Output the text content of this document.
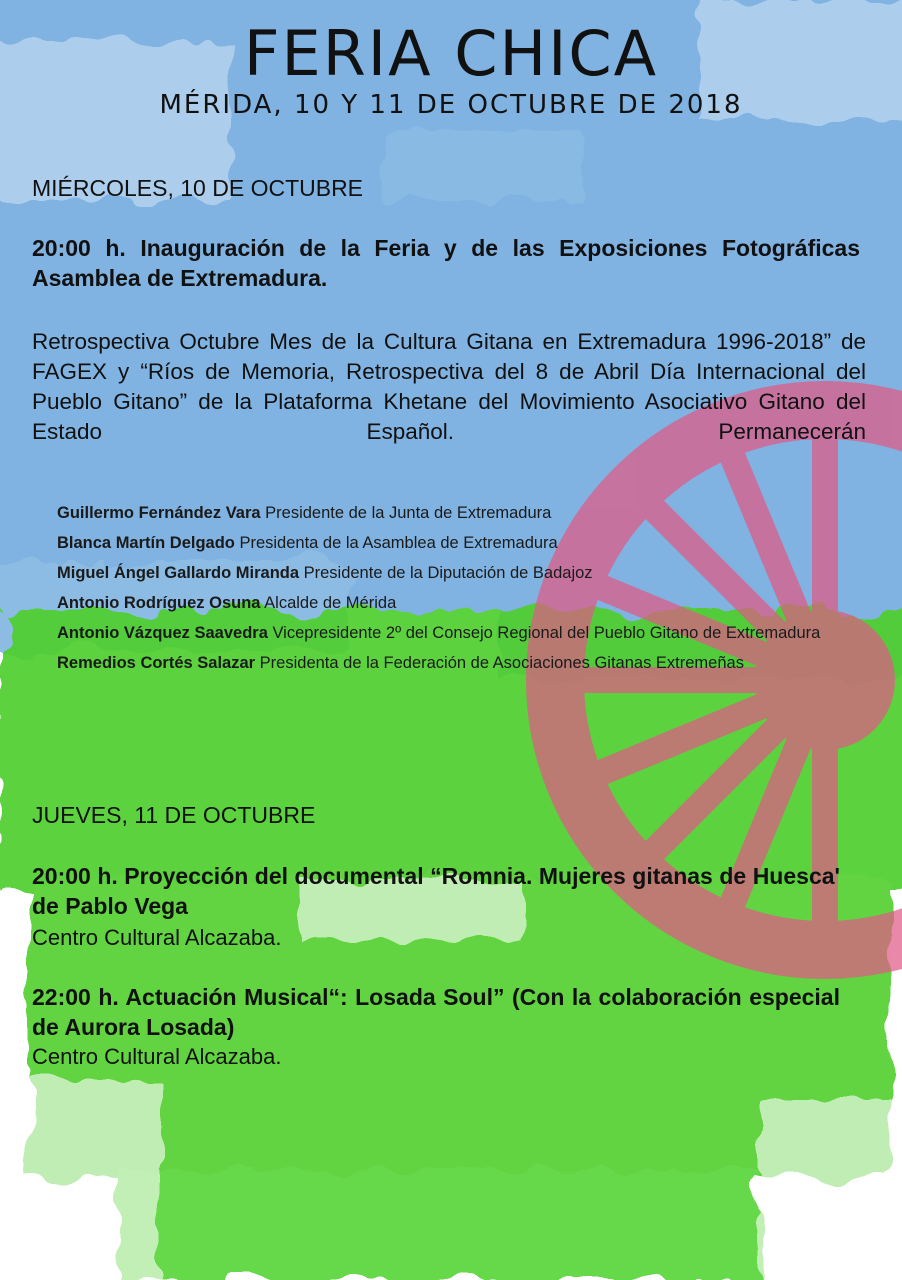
FERIA CHICA
MÉRIDA, 10 Y 11 DE OCTUBRE DE 2018
MIÉRCOLES, 10 DE OCTUBRE
20:00 h. Inauguración de la Feria y de las Exposiciones Fotográficas Asamblea de Extremadura.
Retrospectiva Octubre Mes de la Cultura Gitana en Extremadura 1996-2018” de FAGEX y “Ríos de Memoria, Retrospectiva del 8 de Abril Día Internacional del Pueblo Gitano” de la Plataforma Khetane del Movimiento Asociativo Gitano del Estado Español. Permanecerán
Guillermo Fernández Vara Presidente de la Junta de Extremadura
Blanca Martín Delgado Presidenta de la Asamblea de Extremadura
Miguel Ángel Gallardo Miranda Presidente de la Diputación de Badajoz
Antonio Rodríguez Osuna Alcalde de Mérida
Antonio Vázquez Saavedra Vicepresidente 2º del Consejo Regional del Pueblo Gitano de Extremadura
Remedios Cortés Salazar Presidenta de la Federación de Asociaciones Gitanas Extremeñas
JUEVES, 11 DE OCTUBRE
20:00 h. Proyección del documental “Romnia. Mujeres gitanas de Huesca' de Pablo Vega
Centro Cultural Alcazaba.
22:00 h. Actuación Musical“: Losada Soul” (Con la colaboración especial de Aurora Losada)
Centro Cultural Alcazaba.
